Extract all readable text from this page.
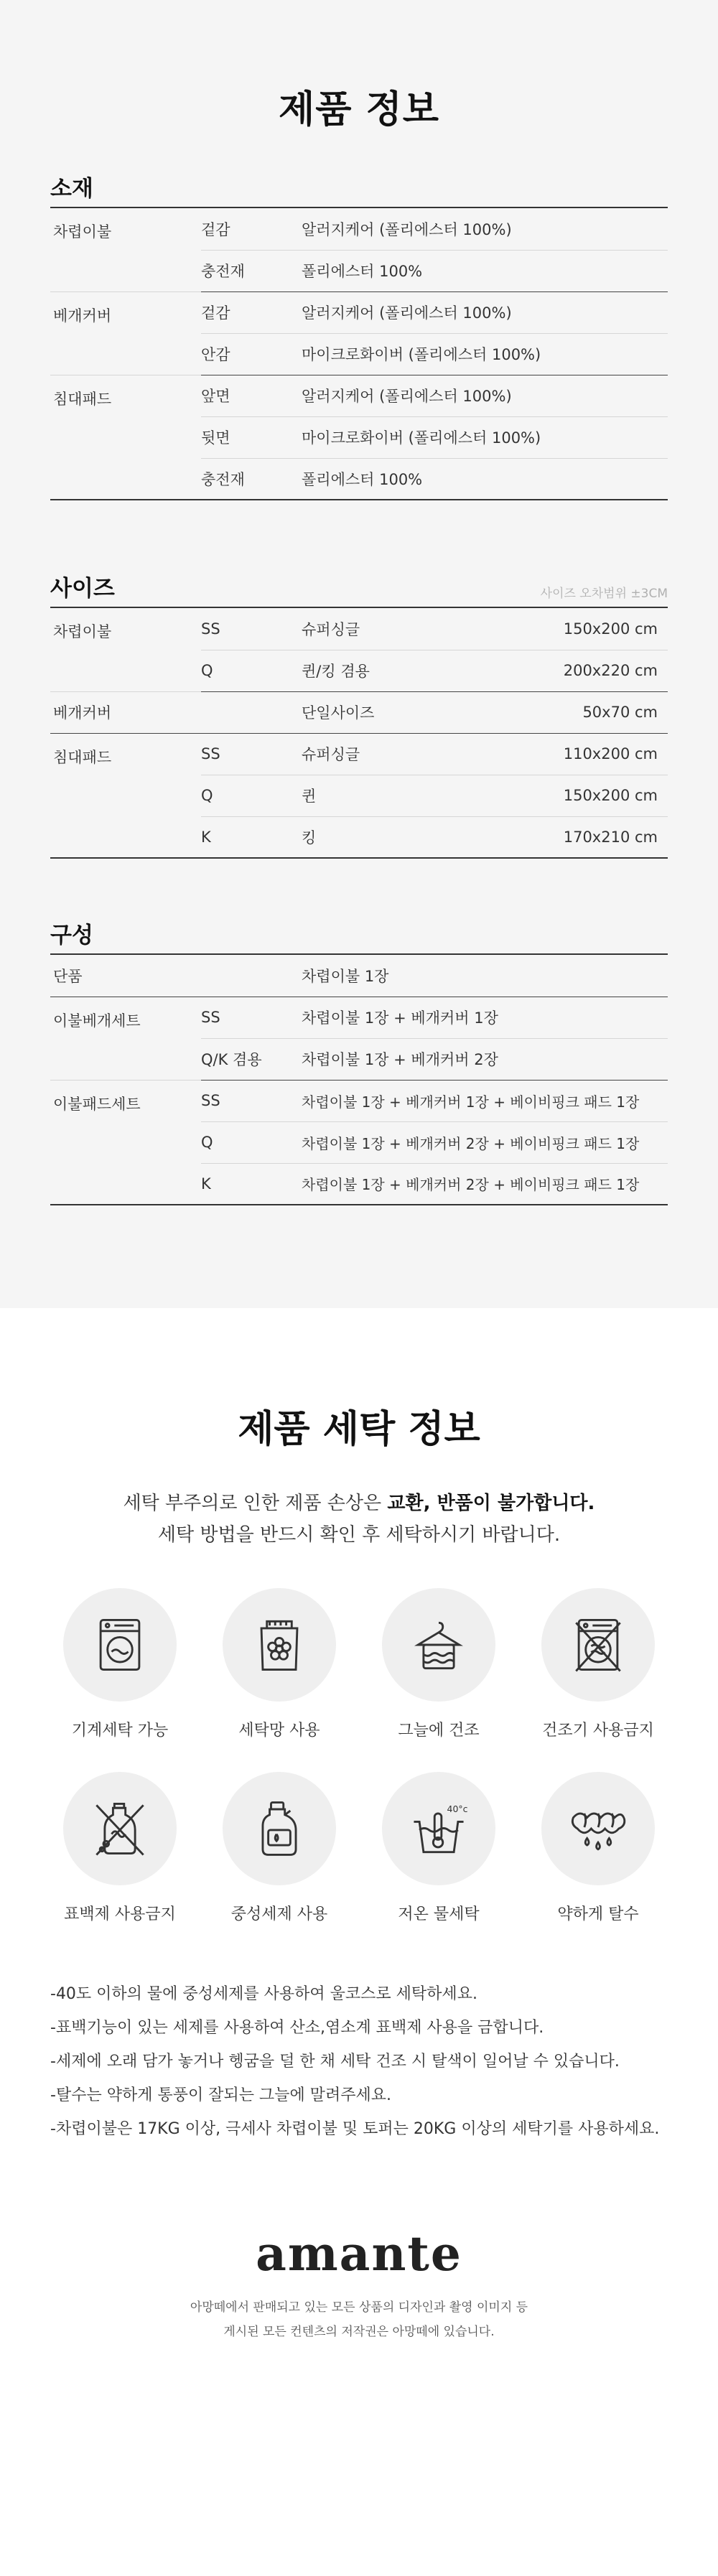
제품 정보
소재
차렵이불	겉감	알러지케어 (폴리에스터 100%)
	충전재	폴리에스터 100%
베개커버	겉감	알러지케어 (폴리에스터 100%)
	안감	마이크로화이버 (폴리에스터 100%)
침대패드	앞면	알러지케어 (폴리에스터 100%)
	뒷면	마이크로화이버 (폴리에스터 100%)
	충전재	폴리에스터 100%
사이즈	사이즈 오차범위 ±3CM
차렵이불	SS	슈퍼싱글	150x200 cm
	Q	퀸/킹 겸용	200x220 cm
베개커버		단일사이즈	50x70 cm
침대패드	SS	슈퍼싱글	110x200 cm
	Q	퀸	150x200 cm
	K	킹	170x210 cm
구성
단품		차렵이불 1장
이불베개세트	SS	차렵이불 1장 + 베개커버 1장
	Q/K 겸용	차렵이불 1장 + 베개커버 2장
이불패드세트	SS	차렵이불 1장 + 베개커버 1장 + 베이비핑크 패드 1장
	Q	차렵이불 1장 + 베개커버 2장 + 베이비핑크 패드 1장
	K	차렵이불 1장 + 베개커버 2장 + 베이비핑크 패드 1장
제품 세탁 정보

세탁 부주의로 인한 제품 손상은 교환, 반품이 불가합니다.
세탁 방법을 반드시 확인 후 세탁하시기 바랍니다.

기계세탁 가능	세탁망 사용	그늘에 건조	건조기 사용금지
표백제 사용금지	중성세제 사용
40°c
저온 물세탁	약하게 탈수
-40도 이하의 물에 중성세제를 사용하여 울코스로 세탁하세요.
-표백기능이 있는 세제를 사용하여 산소,염소계 표백제 사용을 금합니다.
-세제에 오래 담가 놓거나 헹굼을 덜 한 채 세탁 건조 시 탈색이 일어날 수 있습니다.
-탈수는 약하게 통풍이 잘되는 그늘에 말려주세요.
-차렵이불은 17KG 이상, 극세사 차렵이불 및 토퍼는 20KG 이상의 세탁기를 사용하세요.
amante
아망떼에서 판매되고 있는 모든 상품의 디자인과 촬영 이미지 등
게시된 모든 컨텐츠의 저작권은 아망떼에 있습니다.
